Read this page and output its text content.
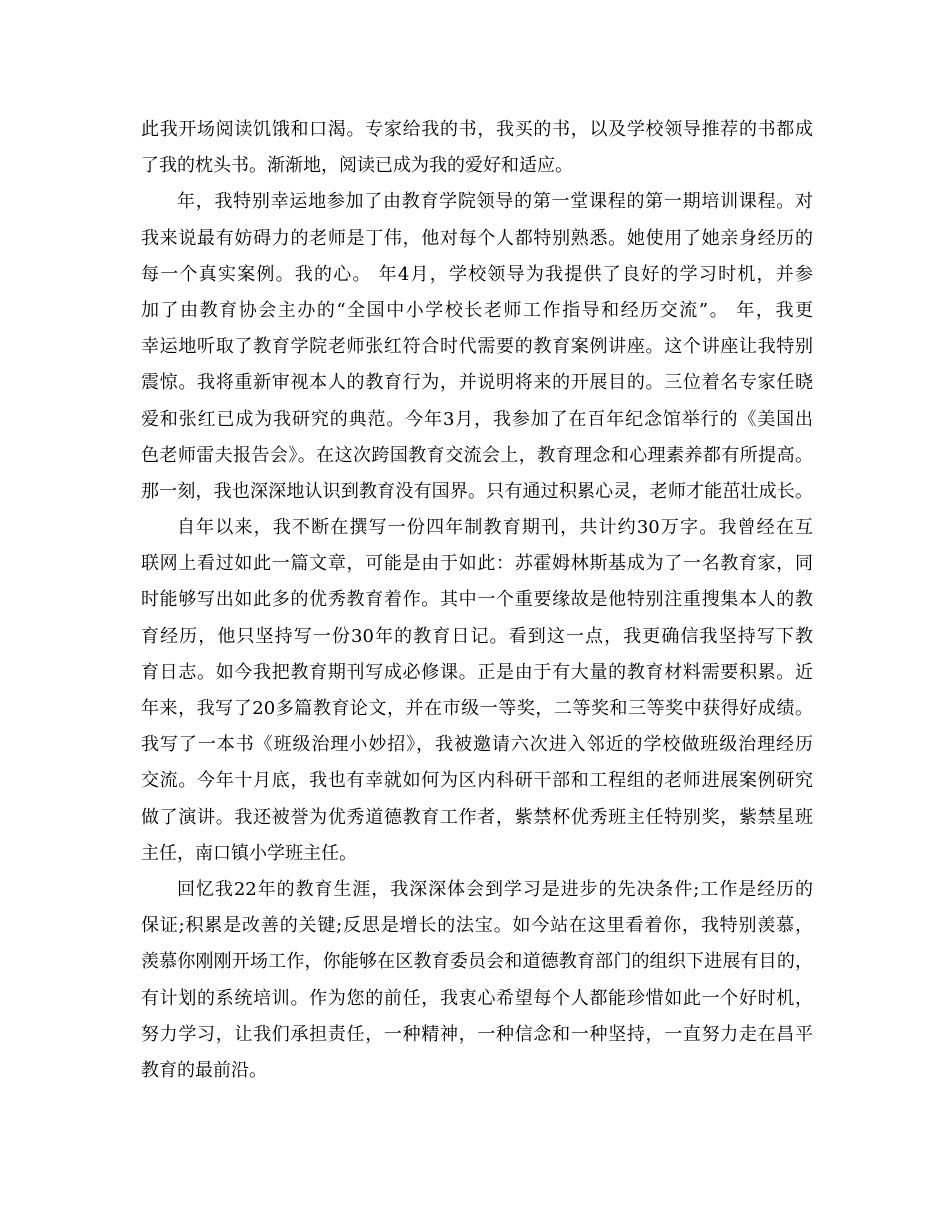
此我开场阅读饥饿和口渴。专家给我的书，我买的书，以及学校领导推荐的书都成
了我的枕头书。渐渐地，阅读已成为我的爱好和适应。
年，我特别幸运地参加了由教育学院领导的第一堂课程的第一期培训课程。对
我来说最有妨碍力的老师是丁伟，他对每个人都特别熟悉。她使用了她亲身经历的
每一个真实案例。我的心。 年4月，学校领导为我提供了良好的学习时机，并参
加了由教育协会主办的“全国中小学校长老师工作指导和经历交流”。 年，我更
幸运地听取了教育学院老师张红符合时代需要的教育案例讲座。这个讲座让我特别
震惊。我将重新审视本人的教育行为，并说明将来的开展目的。三位着名专家任晓
爱和张红已成为我研究的典范。今年3月，我参加了在百年纪念馆举行的《美国出
色老师雷夫报告会》。在这次跨国教育交流会上，教育理念和心理素养都有所提高。
那一刻，我也深深地认识到教育没有国界。只有通过积累心灵，老师才能茁壮成长。
自年以来，我不断在撰写一份四年制教育期刊，共计约30万字。我曾经在互
联网上看过如此一篇文章，可能是由于如此：苏霍姆林斯基成为了一名教育家，同
时能够写出如此多的优秀教育着作。其中一个重要缘故是他特别注重搜集本人的教
育经历，他只坚持写一份30年的教育日记。看到这一点，我更确信我坚持写下教
育日志。如今我把教育期刊写成必修课。正是由于有大量的教育材料需要积累。近
年来，我写了20多篇教育论文，并在市级一等奖，二等奖和三等奖中获得好成绩。
我写了一本书《班级治理小妙招》，我被邀请六次进入邻近的学校做班级治理经历
交流。今年十月底，我也有幸就如何为区内科研干部和工程组的老师进展案例研究
做了演讲。我还被誉为优秀道德教育工作者，紫禁杯优秀班主任特别奖，紫禁星班
主任，南口镇小学班主任。
回忆我22年的教育生涯，我深深体会到学习是进步的先决条件;工作是经历的
保证;积累是改善的关键;反思是增长的法宝。如今站在这里看着你，我特别羡慕，
羡慕你刚刚开场工作，你能够在区教育委员会和道德教育部门的组织下进展有目的，
有计划的系统培训。作为您的前任，我衷心希望每个人都能珍惜如此一个好时机，
努力学习，让我们承担责任，一种精神，一种信念和一种坚持，一直努力走在昌平
教育的最前沿。
